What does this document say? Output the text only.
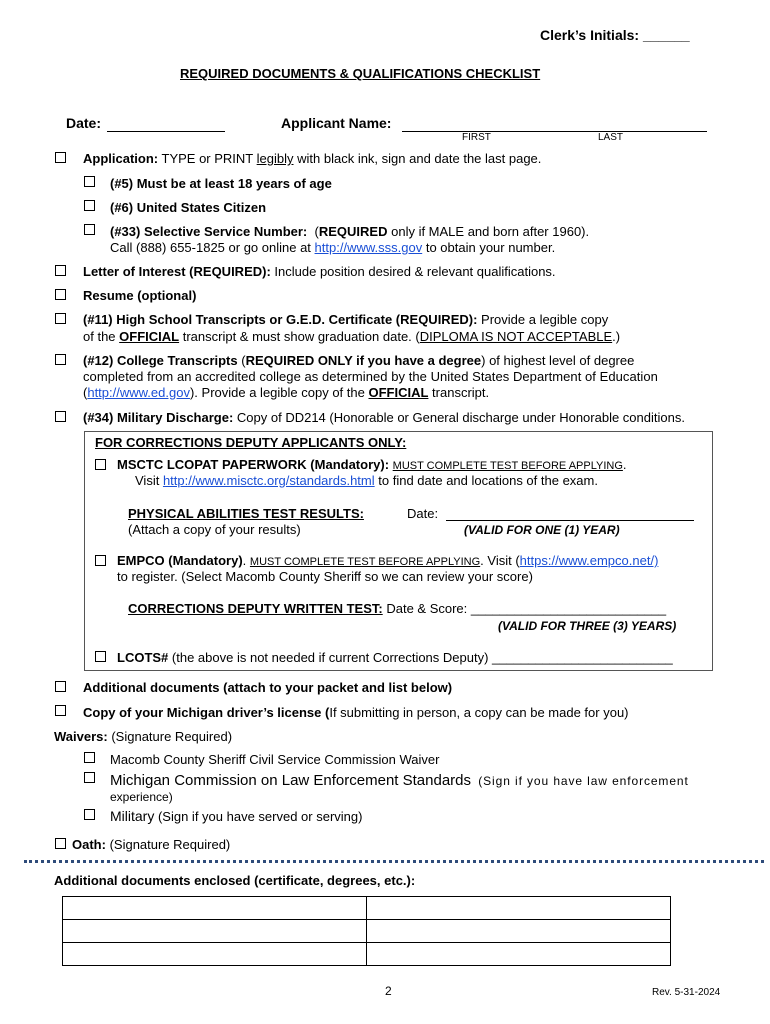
Clerk’s Initials: ______
REQUIRED DOCUMENTS & QUALIFICATIONS CHECKLIST
Date:	Applicant Name:
FIRST	LAST
Application: TYPE or PRINT legibly with black ink, sign and date the last page.
(#5) Must be at least 18 years of age
(#6) United States Citizen
(#33) Selective Service Number: (REQUIRED only if MALE and born after 1960).
Call (888) 655-1825 or go online at http://www.sss.gov to obtain your number.
Letter of Interest (REQUIRED): Include position desired & relevant qualifications.
Resume (optional)
(#11) High School Transcripts or G.E.D. Certificate (REQUIRED): Provide a legible copy
of the OFFICIAL transcript & must show graduation date. (DIPLOMA IS NOT ACCEPTABLE.)
(#12) College Transcripts (REQUIRED ONLY if you have a degree) of highest level of degree
completed from an accredited college as determined by the United States Department of Education
(http://www.ed.gov). Provide a legible copy of the OFFICIAL transcript.
(#34) Military Discharge: Copy of DD214 (Honorable or General discharge under Honorable conditions.
FOR CORRECTIONS DEPUTY APPLICANTS ONLY:
MSCTC LCOPAT PAPERWORK (Mandatory): MUST COMPLETE TEST BEFORE APPLYING.
Visit http://www.misctc.org/standards.html to find date and locations of the exam.
PHYSICAL ABILITIES TEST RESULTS:	Date:
(Attach a copy of your results)	(VALID FOR ONE (1) YEAR)
EMPCO (Mandatory). MUST COMPLETE TEST BEFORE APPLYING. Visit (https://www.empco.net/)
to register. (Select Macomb County Sheriff so we can review your score)
CORRECTIONS DEPUTY WRITTEN TEST: Date & Score: ___________________________
(VALID FOR THREE (3) YEARS)
LCOTS# (the above is not needed if current Corrections Deputy) _________________________
Additional documents (attach to your packet and list below)
Copy of your Michigan driver’s license (If submitting in person, a copy can be made for you)
Waivers: (Signature Required)
Macomb County Sheriff Civil Service Commission Waiver
Michigan Commission on Law Enforcement Standards (Sign if you have law enforcement
experience)
Military (Sign if you have served or serving)
Oath: (Signature Required)
Additional documents enclosed (certificate, degrees, etc.):

2	Rev. 5-31-2024
